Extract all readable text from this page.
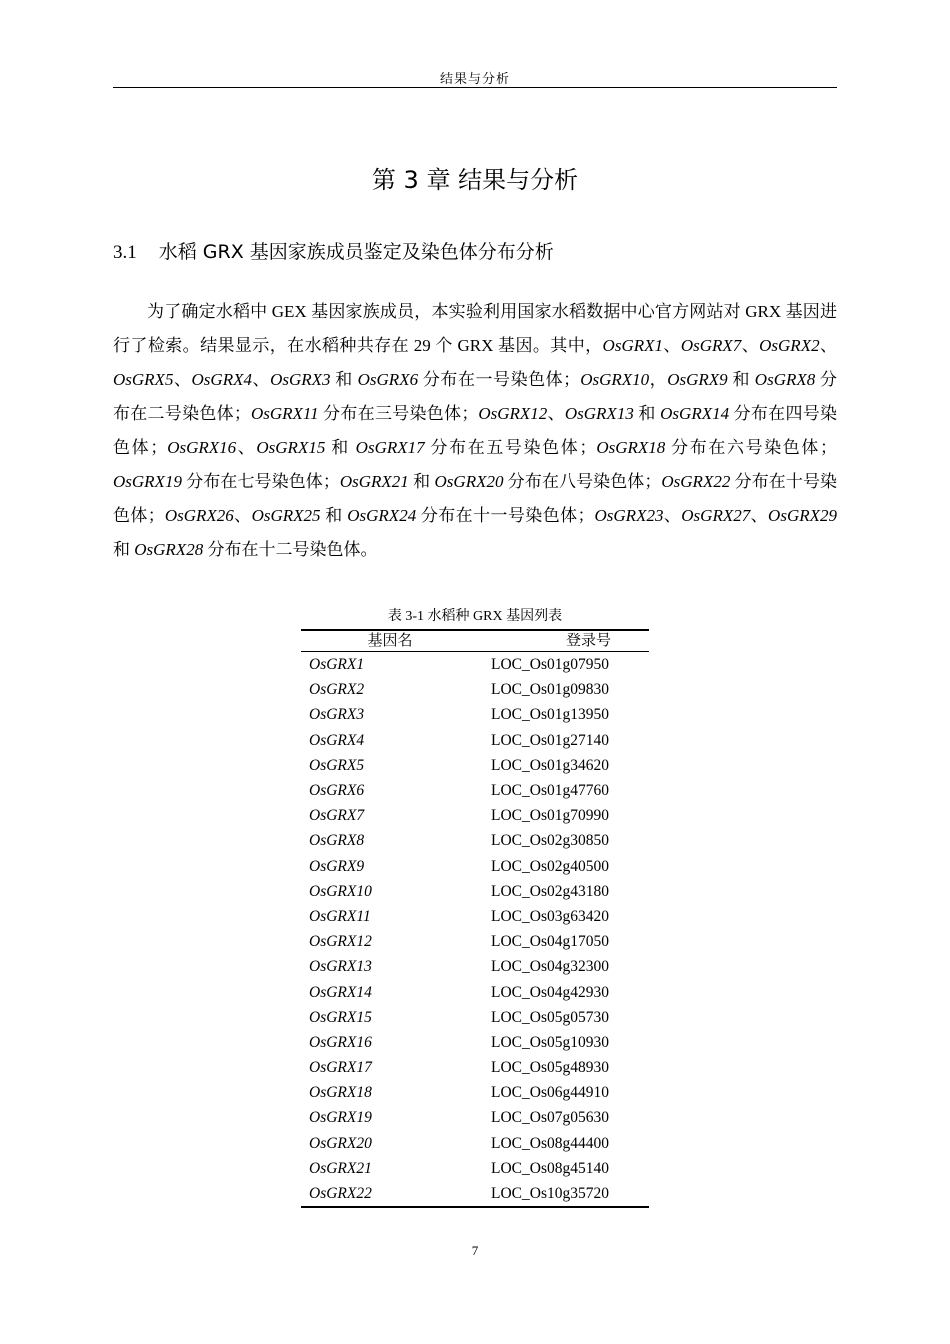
结果与分析
第 3 章 结果与分析
3.1 水稻 GRX 基因家族成员鉴定及染色体分布分析
为了确定水稻中 GEX 基因家族成员，本实验利用国家水稻数据中心官方网站对 GRX 基因进行了检索。结果显示，在水稻种共存在 29 个 GRX 基因。其中，OsGRX1、OsGRX7、OsGRX2、OsGRX5、OsGRX4、OsGRX3 和 OsGRX6 分布在一号染色体；OsGRX10，OsGRX9 和 OsGRX8 分布在二号染色体；OsGRX11 分布在三号染色体；OsGRX12、OsGRX13 和 OsGRX14 分布在四号染色体；OsGRX16、OsGRX15 和 OsGRX17 分布在五号染色体；OsGRX18 分布在六号染色体；OsGRX19 分布在七号染色体；OsGRX21 和 OsGRX20 分布在八号染色体；OsGRX22 分布在十号染色体；OsGRX26、OsGRX25 和 OsGRX24 分布在十一号染色体；OsGRX23、OsGRX27、OsGRX29 和 OsGRX28 分布在十二号染色体。
表 3-1 水稻种 GRX 基因列表
基因名	登录号
OsGRX1	LOC_Os01g07950
OsGRX2	LOC_Os01g09830
OsGRX3	LOC_Os01g13950
OsGRX4	LOC_Os01g27140
OsGRX5	LOC_Os01g34620
OsGRX6	LOC_Os01g47760
OsGRX7	LOC_Os01g70990
OsGRX8	LOC_Os02g30850
OsGRX9	LOC_Os02g40500
OsGRX10	LOC_Os02g43180
OsGRX11	LOC_Os03g63420
OsGRX12	LOC_Os04g17050
OsGRX13	LOC_Os04g32300
OsGRX14	LOC_Os04g42930
OsGRX15	LOC_Os05g05730
OsGRX16	LOC_Os05g10930
OsGRX17	LOC_Os05g48930
OsGRX18	LOC_Os06g44910
OsGRX19	LOC_Os07g05630
OsGRX20	LOC_Os08g44400
OsGRX21	LOC_Os08g45140
OsGRX22	LOC_Os10g35720
7
